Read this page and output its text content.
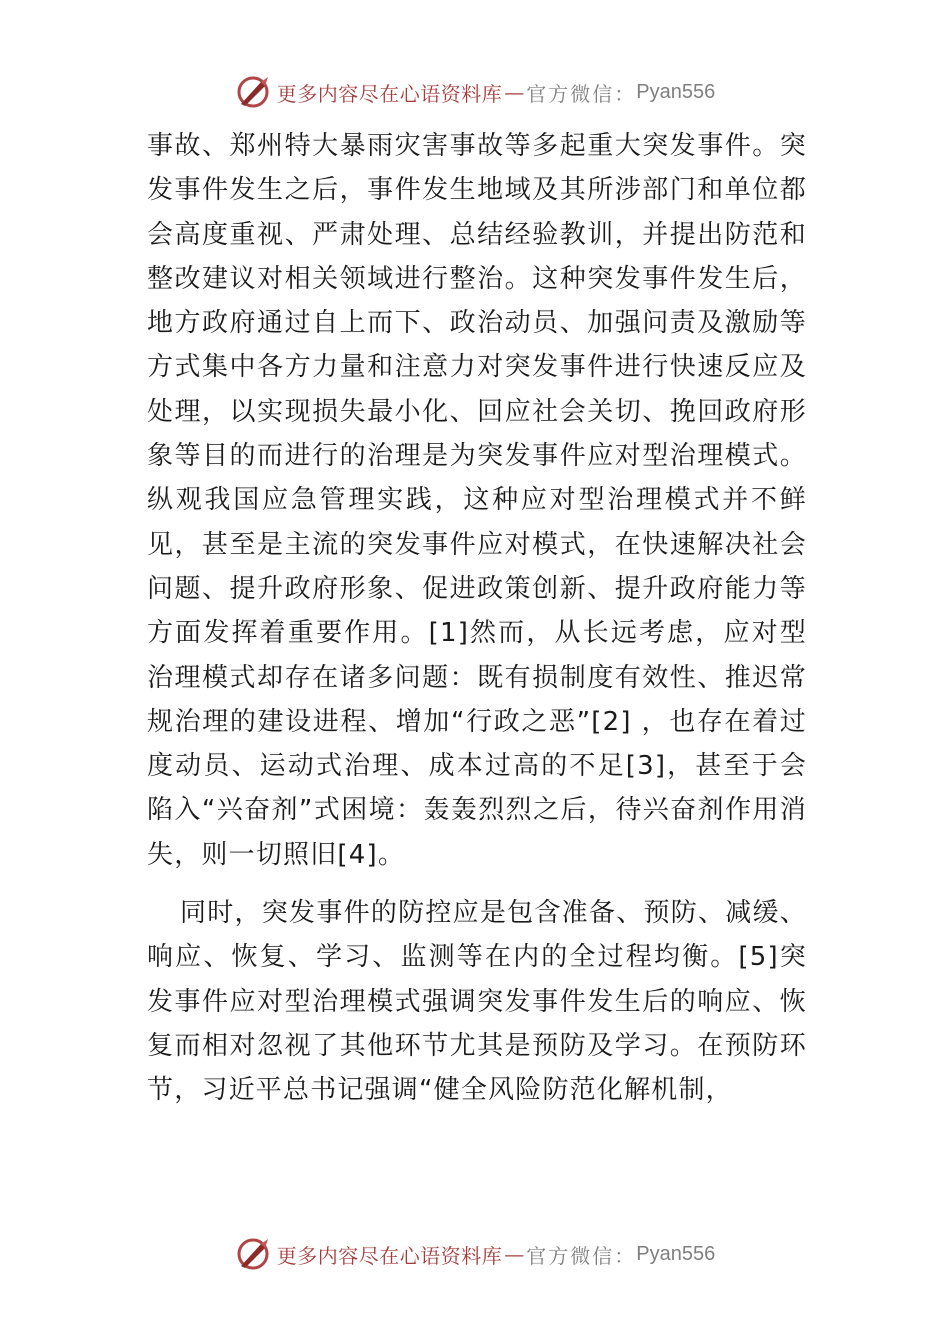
更多内容尽在心语资料库 — 官方微信： Pyan556

事故、郑州特大暴雨灾害事故等多起重大突发事件。突发事件发生之后，事件发生地域及其所涉部门和单位都会高度重视、严肃处理、总结经验教训，并提出防范和整改建议对相关领域进行整治。这种突发事件发生后，地方政府通过自上而下、政治动员、加强问责及激励等方式集中各方力量和注意力对突发事件进行快速反应及处理，以实现损失最小化、回应社会关切、挽回政府形象等目的而进行的治理是为突发事件应对型治理模式。纵观我国应急管理实践，这种应对型治理模式并不鲜见，甚至是主流的突发事件应对模式，在快速解决社会问题、提升政府形象、促进政策创新、提升政府能力等方面发挥着重要作用。[1]然而，从长远考虑，应对型治理模式却存在诸多问题：既有损制度有效性、推迟常规治理的建设进程、增加“行政之恶”[2] ，也存在着过度动员、运动式治理、成本过高的不足[3]，甚至于会陷入“兴奋剂”式困境：轰轰烈烈之后，待兴奋剂作用消失，则一切照旧[4]。

同时，突发事件的防控应是包含准备、预防、减缓、响应、恢复、学习、监测等在内的全过程均衡。[5]突发事件应对型治理模式强调突发事件发生后的响应、恢复而相对忽视了其他环节尤其是预防及学习。在预防环节，习近平总书记强调“健全风险防范化解机制，

更多内容尽在心语资料库 — 官方微信： Pyan556
